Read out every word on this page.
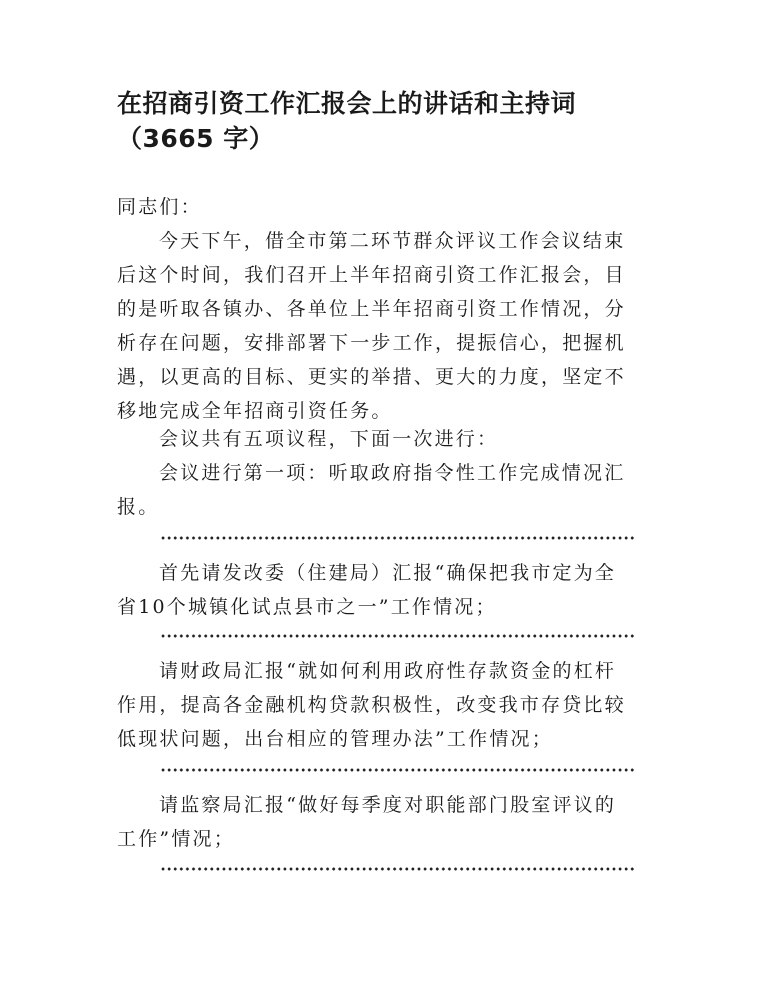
在招商引资工作汇报会上的讲话和主持词
（3665 字）

同志们：

今天下午，借全市第二环节群众评议工作会议结束后这个时间，我们召开上半年招商引资工作汇报会，目的是听取各镇办、各单位上半年招商引资工作情况，分析存在问题，安排部署下一步工作，提振信心，把握机遇，以更高的目标、更实的举措、更大的力度，坚定不移地完成全年招商引资任务。

会议共有五项议程，下面一次进行：

会议进行第一项：听取政府指令性工作完成情况汇报。

首先请发改委（住建局）汇报“确保把我市定为全省10个城镇化试点县市之一”工作情况；

请财政局汇报“就如何利用政府性存款资金的杠杆作用，提高各金融机构贷款积极性，改变我市存贷比较低现状问题，出台相应的管理办法”工作情况；

请监察局汇报“做好每季度对职能部门股室评议的工作”情况；
